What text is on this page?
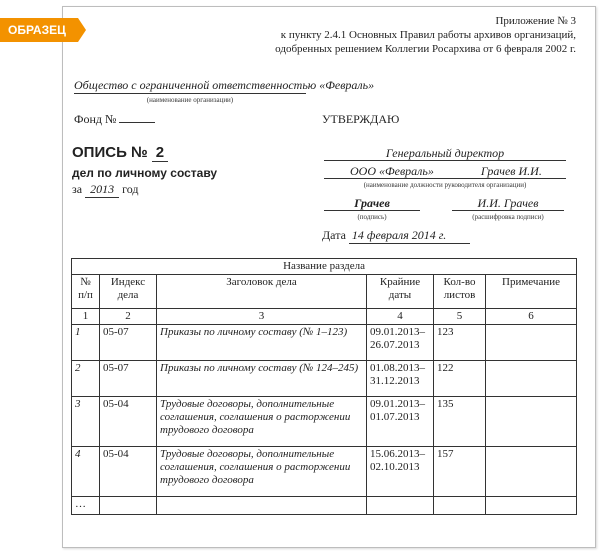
ОБРАЗЕЦ
Приложение № 3
к пункту 2.4.1 Основных Правил работы архивов организаций,
одобренных решением Коллегии Росархива от 6 февраля 2002 г.
Общество с ограниченной ответственностью «Февраль»
(наименование организации)
Фонд №
ОПИСЬ № 2
дел по личному составу
за 2013 год
УТВЕРЖДАЮ
Генеральный директор
ООО «Февраль»	Грачев И.И.
(наименование должности руководителя организации)
Грачев
(подпись)
И.И. Грачев
(расшифровка подписи)
Дата 14 февраля 2014 г.
Название раздела					
№ п/п	Индекс дела	Заголовок дела	Крайние даты	Кол-во листов	Примечание
1	2	3	4	5	6
1	05-07	Приказы по личному составу (№ 1–123)	09.01.2013– 26.07.2013	123	
2	05-07	Приказы по личному составу (№ 124–245)	01.08.2013– 31.12.2013	122	
3	05-04	Трудовые договоры, дополнительные соглашения, соглашения о расторжении трудового договора	09.01.2013– 01.07.2013	135	
4	05-04	Трудовые договоры, дополнительные соглашения, соглашения о расторжении трудового договора	15.06.2013– 02.10.2013	157	
…					
